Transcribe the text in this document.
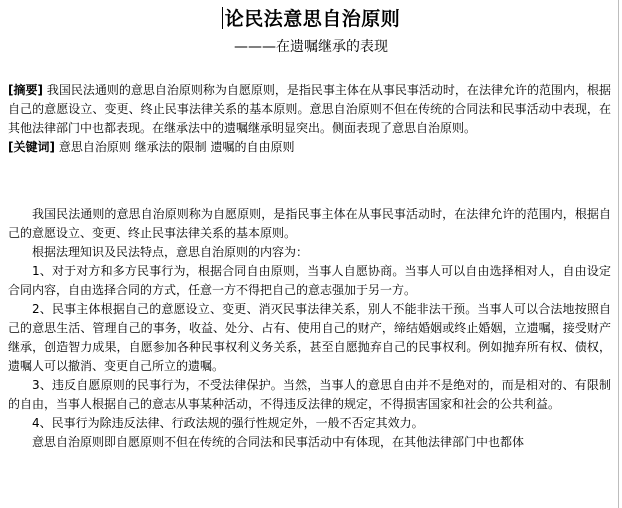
论民法意思自治原则
———在遗嘱继承的表现

[摘要] 我国民法通则的意思自治原则称为自愿原则，是指民事主体在从事民事活动时，在法律允许的范围内，根据自己的意愿设立、变更、终止民事法律关系的基本原则。意思自治原则不但在传统的合同法和民事活动中表现，在其他法律部门中也都表现。在继承法中的遗嘱继承明显突出。侧面表现了意思自治原则。

[关键词] 意思自治原则 继承法的限制 遗嘱的自由原则

我国民法通则的意思自治原则称为自愿原则，是指民事主体在从事民事活动时，在法律允许的范围内，根据自己的意愿设立、变更、终止民事法律关系的基本原则。

根据法理知识及民法特点，意思自治原则的内容为：

1、对于对方和多方民事行为，根据合同自由原则，当事人自愿协商。当事人可以自由选择相对人，自由设定合同内容，自由选择合同的方式，任意一方不得把自己的意志强加于另一方。

2、民事主体根据自己的意愿设立、变更、消灭民事法律关系，别人不能非法干预。当事人可以合法地按照自己的意思生活、管理自己的事务，收益、处分、占有、使用自己的财产，缔结婚姻或终止婚姻，立遗嘱，接受财产继承，创造智力成果，自愿参加各种民事权利义务关系，甚至自愿抛弃自己的民事权利。例如抛弃所有权、债权，遗嘱人可以撤消、变更自己所立的遗嘱。

3、违反自愿原则的民事行为，不受法律保护。当然，当事人的意思自由并不是绝对的，而是相对的、有限制的自由，当事人根据自己的意志从事某种活动，不得违反法律的规定，不得损害国家和社会的公共利益。

4、民事行为除违反法律、行政法规的强行性规定外，一般不否定其效力。

意思自治原则即自愿原则不但在传统的合同法和民事活动中有体现，在其他法律部门中也都体
